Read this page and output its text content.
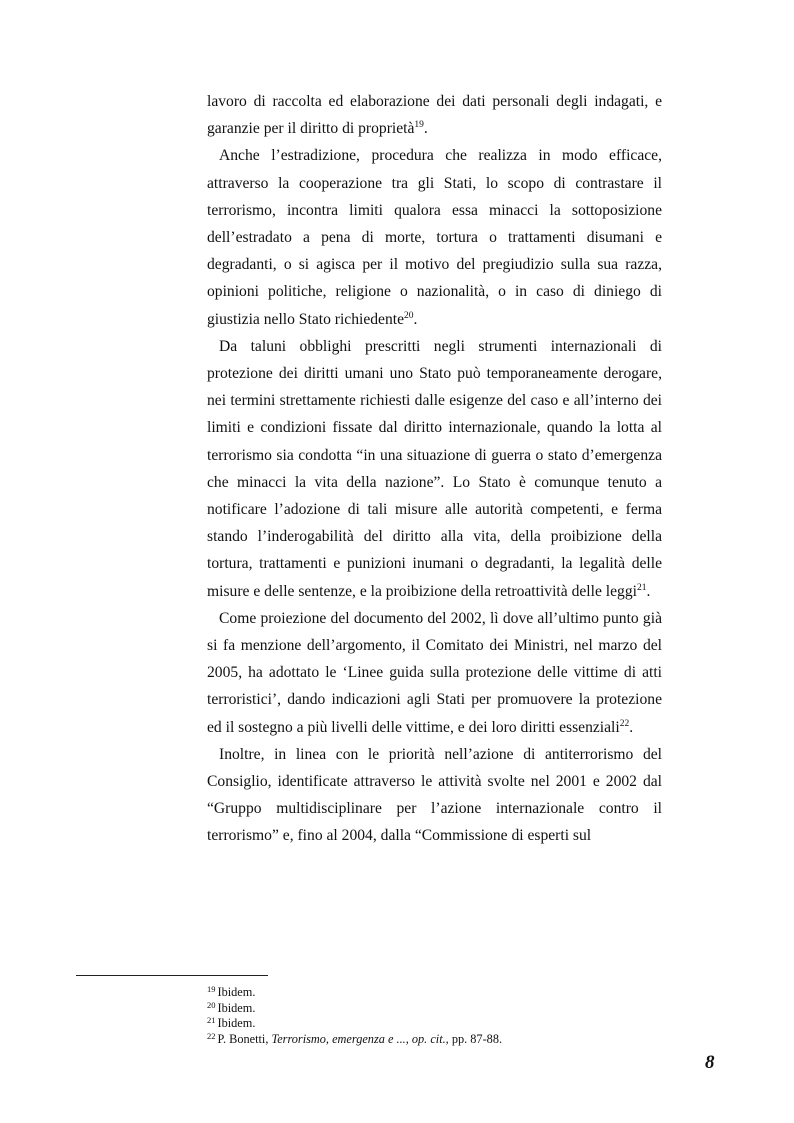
lavoro di raccolta ed elaborazione dei dati personali degli indagati, e garanzie per il diritto di proprietà$^{19}$.

Anche l’estradizione, procedura che realizza in modo efficace, attraverso la cooperazione tra gli Stati, lo scopo di contrastare il terrorismo, incontra limiti qualora essa minacci la sottoposizione dell’estradato a pena di morte, tortura o trattamenti disumani e degradanti, o si agisca per il motivo del pregiudizio sulla sua razza, opinioni politiche, religione o nazionalità, o in caso di diniego di giustizia nello Stato richiedente$^{20}$.

Da taluni obblighi prescritti negli strumenti internazionali di protezione dei diritti umani uno Stato può temporaneamente derogare, nei termini strettamente richiesti dalle esigenze del caso e all’interno dei limiti e condizioni fissate dal diritto internazionale, quando la lotta al terrorismo sia condotta “in una situazione di guerra o stato d’emergenza che minacci la vita della nazione”. Lo Stato è comunque tenuto a notificare l’adozione di tali misure alle autorità competenti, e ferma stando l’inderogabilità del diritto alla vita, della proibizione della tortura, trattamenti e punizioni inumani o degradanti, la legalità delle misure e delle sentenze, e la proibizione della retroattività delle leggi$^{21}$.

Come proiezione del documento del 2002, lì dove all’ultimo punto già si fa menzione dell’argomento, il Comitato dei Ministri, nel marzo del 2005, ha adottato le ‘Linee guida sulla protezione delle vittime di atti terroristici’, dando indicazioni agli Stati per promuovere la protezione ed il sostegno a più livelli delle vittime, e dei loro diritti essenziali$^{22}$.

Inoltre, in linea con le priorità nell’azione di antiterrorismo del Consiglio, identificate attraverso le attività svolte nel 2001 e 2002 dal “Gruppo multidisciplinare per l’azione internazionale contro il terrorismo” e, fino al 2004, dalla “Commissione di esperti sul

$^{19}$ Ibidem.
$^{20}$ Ibidem.
$^{21}$ Ibidem.
$^{22}$ P. Bonetti, Terrorismo, emergenza e ..., op. cit., pp. 87-88.
8
